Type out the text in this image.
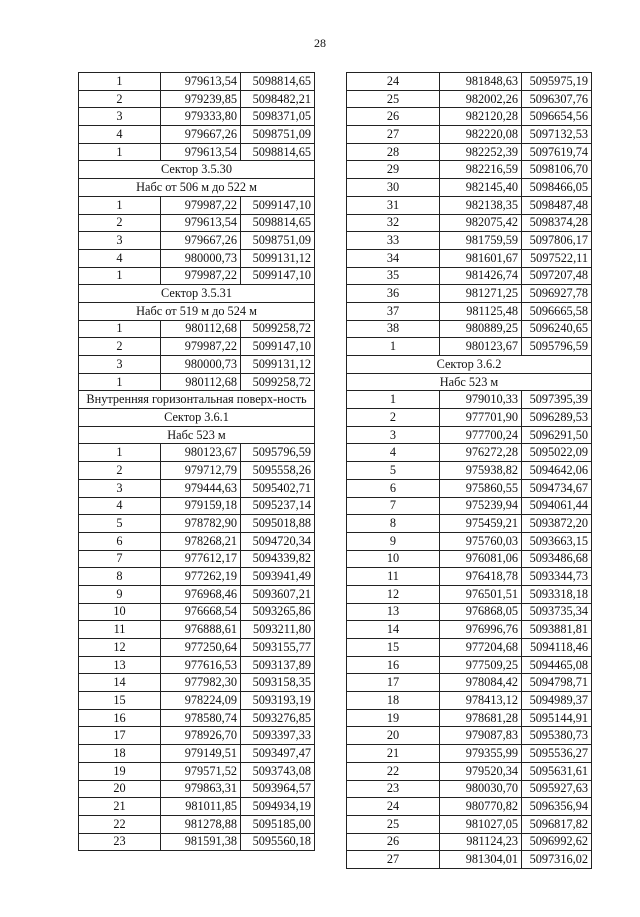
28
1	979613,54	5098814,65
2	979239,85	5098482,21
3	979333,80	5098371,05
4	979667,26	5098751,09
1	979613,54	5098814,65
Сектор 3.5.30		
Набс от 506 м до 522 м		
1	979987,22	5099147,10
2	979613,54	5098814,65
3	979667,26	5098751,09
4	980000,73	5099131,12
1	979987,22	5099147,10
Сектор 3.5.31		
Набс от 519 м до 524 м		
1	980112,68	5099258,72
2	979987,22	5099147,10
3	980000,73	5099131,12
1	980112,68	5099258,72
Внутренняя горизонтальная поверх-ность		
Сектор 3.6.1		
Набс 523 м		
1	980123,67	5095796,59
2	979712,79	5095558,26
3	979444,63	5095402,71
4	979159,18	5095237,14
5	978782,90	5095018,88
6	978268,21	5094720,34
7	977612,17	5094339,82
8	977262,19	5093941,49
9	976968,46	5093607,21
10	976668,54	5093265,86
11	976888,61	5093211,80
12	977250,64	5093155,77
13	977616,53	5093137,89
14	977982,30	5093158,35
15	978224,09	5093193,19
16	978580,74	5093276,85
17	978926,70	5093397,33
18	979149,51	5093497,47
19	979571,52	5093743,08
20	979863,31	5093964,57
21	981011,85	5094934,19
22	981278,88	5095185,00
23	981591,38	5095560,18
24	981848,63	5095975,19
25	982002,26	5096307,76
26	982120,28	5096654,56
27	982220,08	5097132,53
28	982252,39	5097619,74
29	982216,59	5098106,70
30	982145,40	5098466,05
31	982138,35	5098487,48
32	982075,42	5098374,28
33	981759,59	5097806,17
34	981601,67	5097522,11
35	981426,74	5097207,48
36	981271,25	5096927,78
37	981125,48	5096665,58
38	980889,25	5096240,65
1	980123,67	5095796,59
Сектор 3.6.2		
Набс 523 м		
1	979010,33	5097395,39
2	977701,90	5096289,53
3	977700,24	5096291,50
4	976272,28	5095022,09
5	975938,82	5094642,06
6	975860,55	5094734,67
7	975239,94	5094061,44
8	975459,21	5093872,20
9	975760,03	5093663,15
10	976081,06	5093486,68
11	976418,78	5093344,73
12	976501,51	5093318,18
13	976868,05	5093735,34
14	976996,76	5093881,81
15	977204,68	5094118,46
16	977509,25	5094465,08
17	978084,42	5094798,71
18	978413,12	5094989,37
19	978681,28	5095144,91
20	979087,83	5095380,73
21	979355,99	5095536,27
22	979520,34	5095631,61
23	980030,70	5095927,63
24	980770,82	5096356,94
25	981027,05	5096817,82
26	981124,23	5096992,62
27	981304,01	5097316,02
